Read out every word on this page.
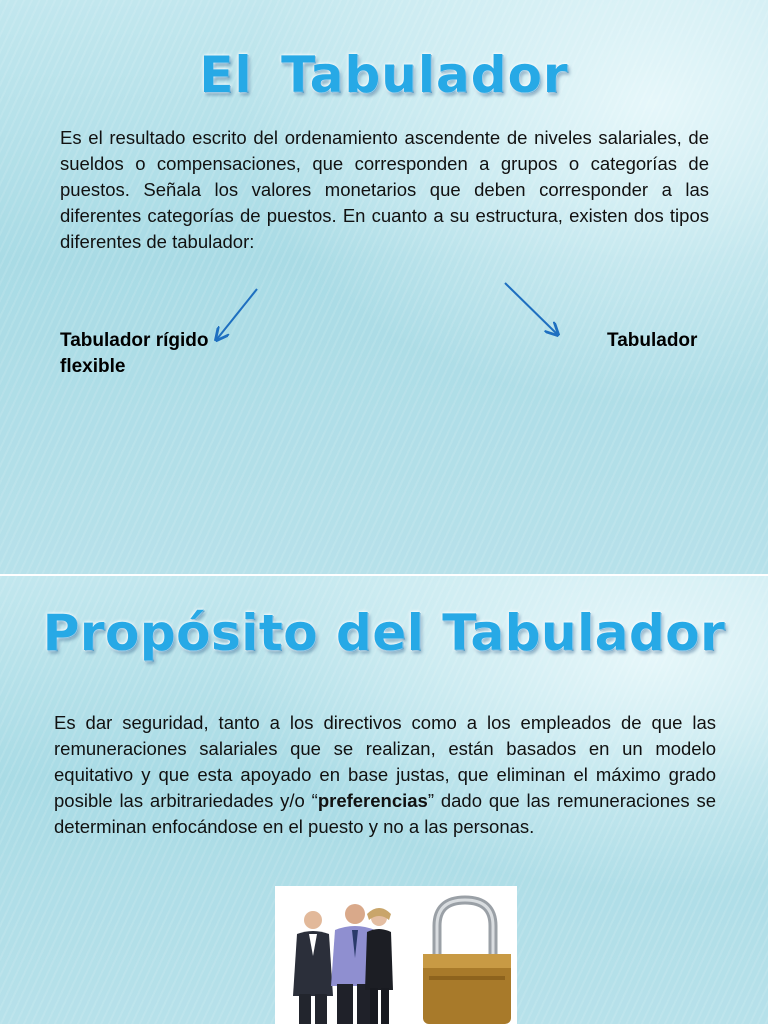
El Tabulador

Es el resultado escrito del ordenamiento ascendente de niveles salariales, de sueldos o compensaciones, que corresponden a grupos o categorías de puestos. Señala los valores monetarios que deben corresponder a las diferentes categorías de puestos. En cuanto a su estructura, existen dos tipos diferentes de tabulador:

Tabulador rígido	Tabulador
flexible
Propósito del Tabulador

Es dar seguridad, tanto a los directivos como a los empleados de que las remuneraciones salariales que se realizan, están basados en un modelo equitativo y que esta apoyado en base justas, que eliminan el máximo grado posible las arbitrariedades y/o “preferencias” dado que las remuneraciones se determinan enfocándose en el puesto y no a las personas.
